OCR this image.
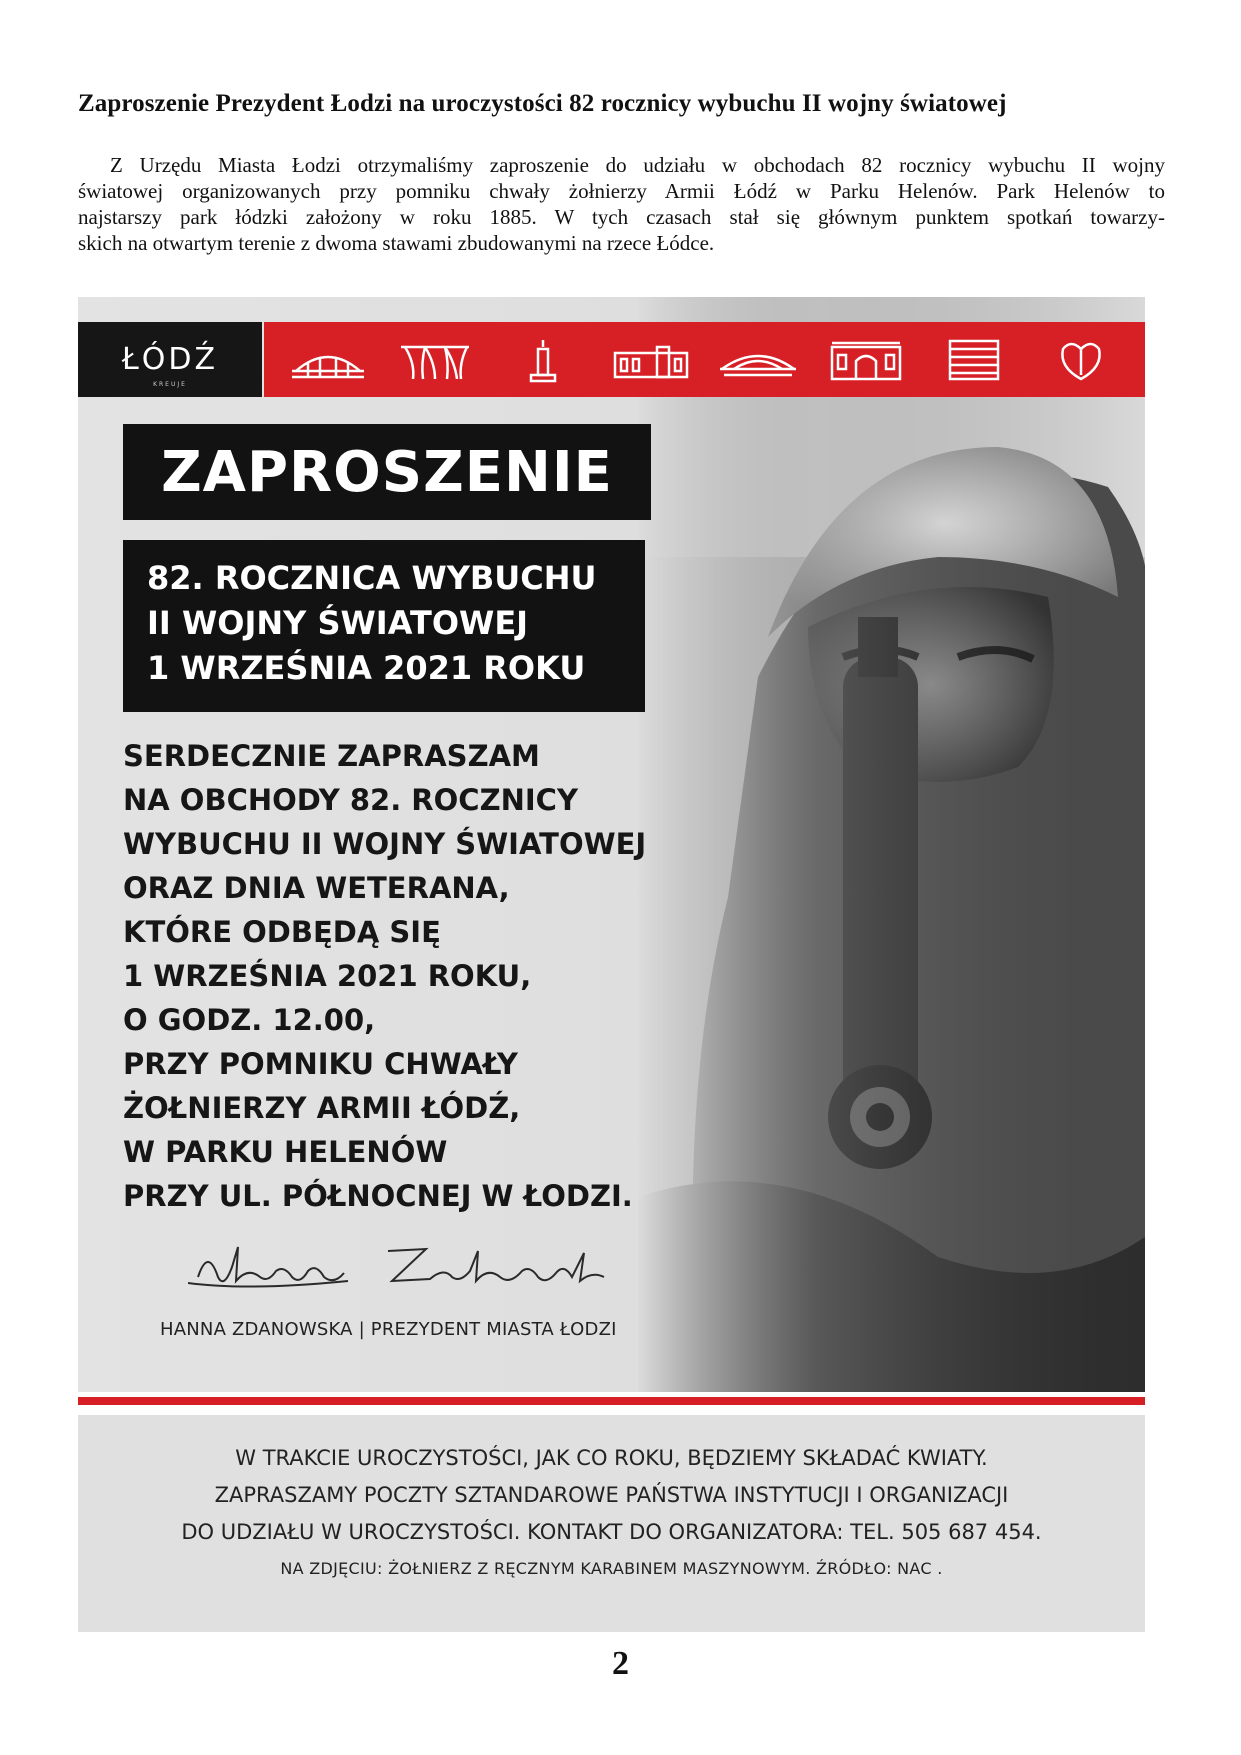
Zaproszenie Prezydent Łodzi na uroczystości 82 rocznicy wybuchu II wojny światowej
Z Urzędu Miasta Łodzi otrzymaliśmy zaproszenie do udziału w obchodach 82 rocznicy wybuchu II wojny
światowej organizowanych przy pomniku chwały żołnierzy Armii Łódź w Parku Helenów. Park Helenów to
najstarszy park łódzki założony w roku 1885. W tych czasach stał się głównym punktem spotkań towarzy-
skich na otwartym terenie z dwoma stawami zbudowanymi na rzece Łódce.
ŁÓDŹ
KREUJE
ZAPROSZENIE
82. ROCZNICA WYBUCHU
II WOJNY ŚWIATOWEJ
1 WRZEŚNIA 2021 ROKU
SERDECZNIE ZAPRASZAM
NA OBCHODY 82. ROCZNICY
WYBUCHU II WOJNY ŚWIATOWEJ
ORAZ DNIA WETERANA,
KTÓRE ODBĘDĄ SIĘ
1 WRZEŚNIA 2021 ROKU,
O GODZ. 12.00,
PRZY POMNIKU CHWAŁY
ŻOŁNIERZY ARMII ŁÓDŹ,
W PARKU HELENÓW
PRZY UL. PÓŁNOCNEJ W ŁODZI.
HANNA ZDANOWSKA | PREZYDENT MIASTA ŁODZI
W TRAKCIE UROCZYSTOŚCI, JAK CO ROKU, BĘDZIEMY SKŁADAĆ KWIATY.
ZAPRASZAMY POCZTY SZTANDAROWE PAŃSTWA INSTYTUCJI I ORGANIZACJI
DO UDZIAŁU W UROCZYSTOŚCI. KONTAKT DO ORGANIZATORA: TEL. 505 687 454.
NA ZDJĘCIU: ŻOŁNIERZ Z RĘCZNYM KARABINEM MASZYNOWYM. ŹRÓDŁO: NAC .
2
